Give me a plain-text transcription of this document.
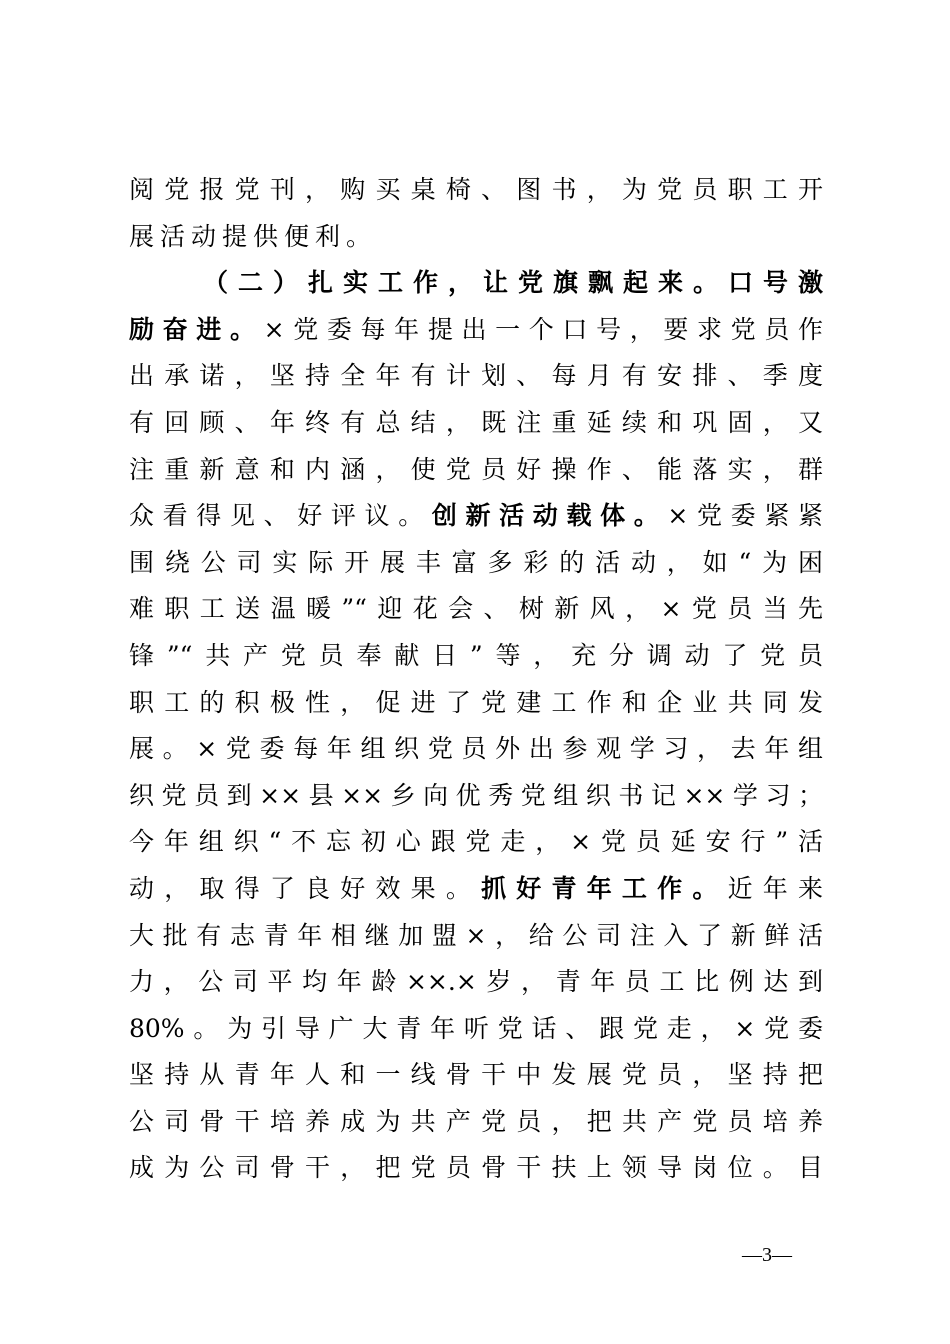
阅党报党刊，购买桌椅、图书，为党员职工开
展活动提供便利。
（二）扎实工作，让党旗飘起来。口号激
励奋进。×党委每年提出一个口号，要求党员作
出承诺，坚持全年有计划、每月有安排、季度
有回顾、年终有总结，既注重延续和巩固，又
注重新意和内涵，使党员好操作、能落实，群
众看得见、好评议。创新活动载体。×党委紧紧
围绕公司实际开展丰富多彩的活动，如“为困
难职工送温暖”“迎花会、树新风，×党员当先
锋”“共产党员奉献日”等，充分调动了党员
职工的积极性，促进了党建工作和企业共同发
展。×党委每年组织党员外出参观学习，去年组
织党员到××县××乡向优秀党组织书记××学习；
今年组织“不忘初心跟党走，×党员延安行”活
动，取得了良好效果。抓好青年工作。近年来
大批有志青年相继加盟×，给公司注入了新鲜活
力，公司平均年龄××.×岁，青年员工比例达到
80%。为引导广大青年听党话、跟党走，×党委
坚持从青年人和一线骨干中发展党员，坚持把
公司骨干培养成为共产党员，把共产党员培养
成为公司骨干，把党员骨干扶上领导岗位。目
—3—
